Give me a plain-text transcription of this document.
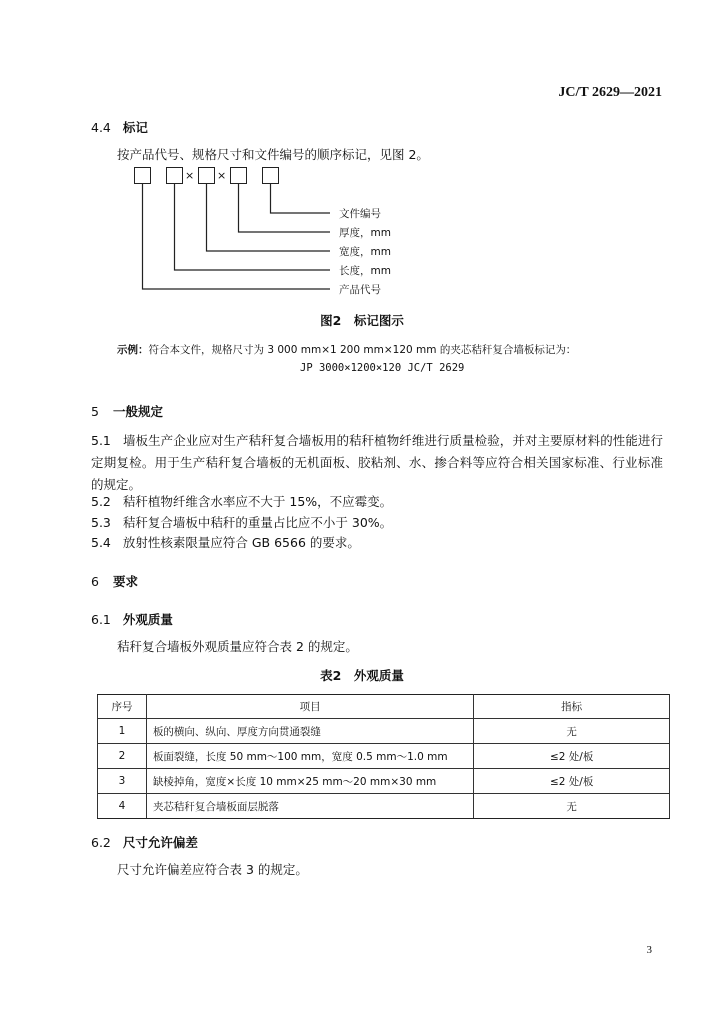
JC/T 2629—2021
4.4 标记
按产品代号、规格尺寸和文件编号的顺序标记，见图 2。
× ×
文件编号
厚度，mm
宽度，mm
长度，mm
产品代号
图2　标记图示
示例：符合本文件，规格尺寸为 3 000 mm×1 200 mm×120 mm 的夹芯秸秆复合墙板标记为：
JP 3000×1200×120 JC/T 2629
5 一般规定
5.1 墙板生产企业应对生产秸秆复合墙板用的秸秆植物纤维进行质量检验，并对主要原材料的性能进行定期复检。用于生产秸秆复合墙板的无机面板、胶粘剂、水、掺合料等应符合相关国家标准、行业标准的规定。
5.2 秸秆植物纤维含水率应不大于 15%，不应霉变。
5.3 秸秆复合墙板中秸秆的重量占比应不小于 30%。
5.4 放射性核素限量应符合 GB 6566 的要求。
6 要求
6.1 外观质量
秸秆复合墙板外观质量应符合表 2 的规定。
表2　外观质量
序号	项目	指标
1	板的横向、纵向、厚度方向贯通裂缝	无
2	板面裂缝，长度 50 mm～100 mm，宽度 0.5 mm～1.0 mm	≤2 处/板
3	缺棱掉角，宽度×长度 10 mm×25 mm～20 mm×30 mm	≤2 处/板
4	夹芯秸秆复合墙板面层脱落	无
6.2 尺寸允许偏差
尺寸允许偏差应符合表 3 的规定。
3
